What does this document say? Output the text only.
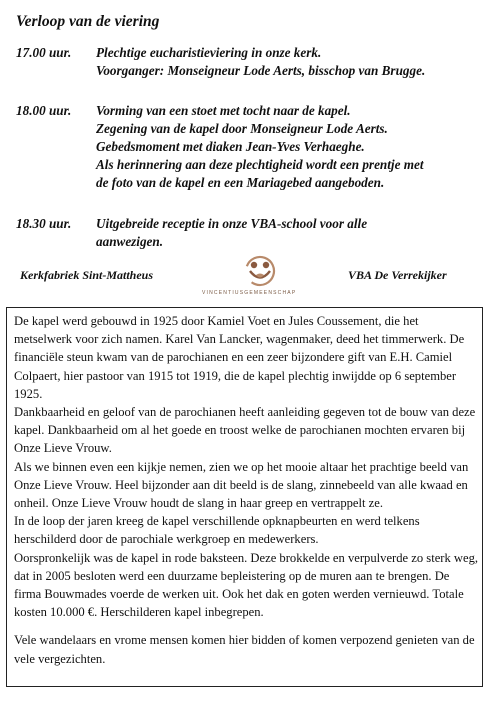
Verloop van de viering
17.00 uur. Plechtige eucharistieviering in onze kerk.
Voorganger: Monseigneur Lode Aerts, bisschop van Brugge.
18.00 uur. Vorming van een stoet met tocht naar de kapel.
Zegening van de kapel door Monseigneur Lode Aerts.
Gebedsmoment met diaken Jean-Yves Verhaeghe.
Als herinnering aan deze plechtigheid wordt een prentje met
de foto van de kapel en een Mariagebed aangeboden.
18.30 uur. Uitgebreide receptie in onze VBA-school voor alle
aanwezigen.
Kerkfabriek Sint-Mattheus
VINCENTIUSGEMEENSCHAP
VBA De Verrekijker
De kapel werd gebouwd in 1925 door Kamiel Voet en Jules Coussement, die het metselwerk voor zich namen. Karel Van Lancker, wagenmaker, deed het timmerwerk. De financiële steun kwam van de parochianen en een zeer bijzondere gift van E.H. Camiel Colpaert, hier pastoor van 1915 tot 1919, die de kapel plechtig inwijdde op 6 september 1925.
Dankbaarheid en geloof van de parochianen heeft aanleiding gegeven tot de bouw van deze kapel. Dankbaarheid om al het goede en troost welke de parochianen mochten ervaren bij Onze Lieve Vrouw.
Als we binnen even een kijkje nemen, zien we op het mooie altaar het prachtige beeld van Onze Lieve Vrouw. Heel bijzonder aan dit beeld is de slang, zinnebeeld van alle kwaad en onheil. Onze Lieve Vrouw houdt de slang in haar greep en vertrappelt ze.
In de loop der jaren kreeg de kapel verschillende opknapbeurten en werd telkens herschilderd door de parochiale werkgroep en medewerkers.
Oorspronkelijk was de kapel in rode baksteen. Deze brokkelde en verpulverde zo sterk weg, dat in 2005 besloten werd een duurzame bepleistering op de muren aan te brengen. De firma Bouwmades voerde de werken uit. Ook het dak en goten werden vernieuwd. Totale kosten 10.000 €. Herschilderen kapel inbegrepen.
Vele wandelaars en vrome mensen komen hier bidden of komen verpozend genieten van de vele vergezichten.
